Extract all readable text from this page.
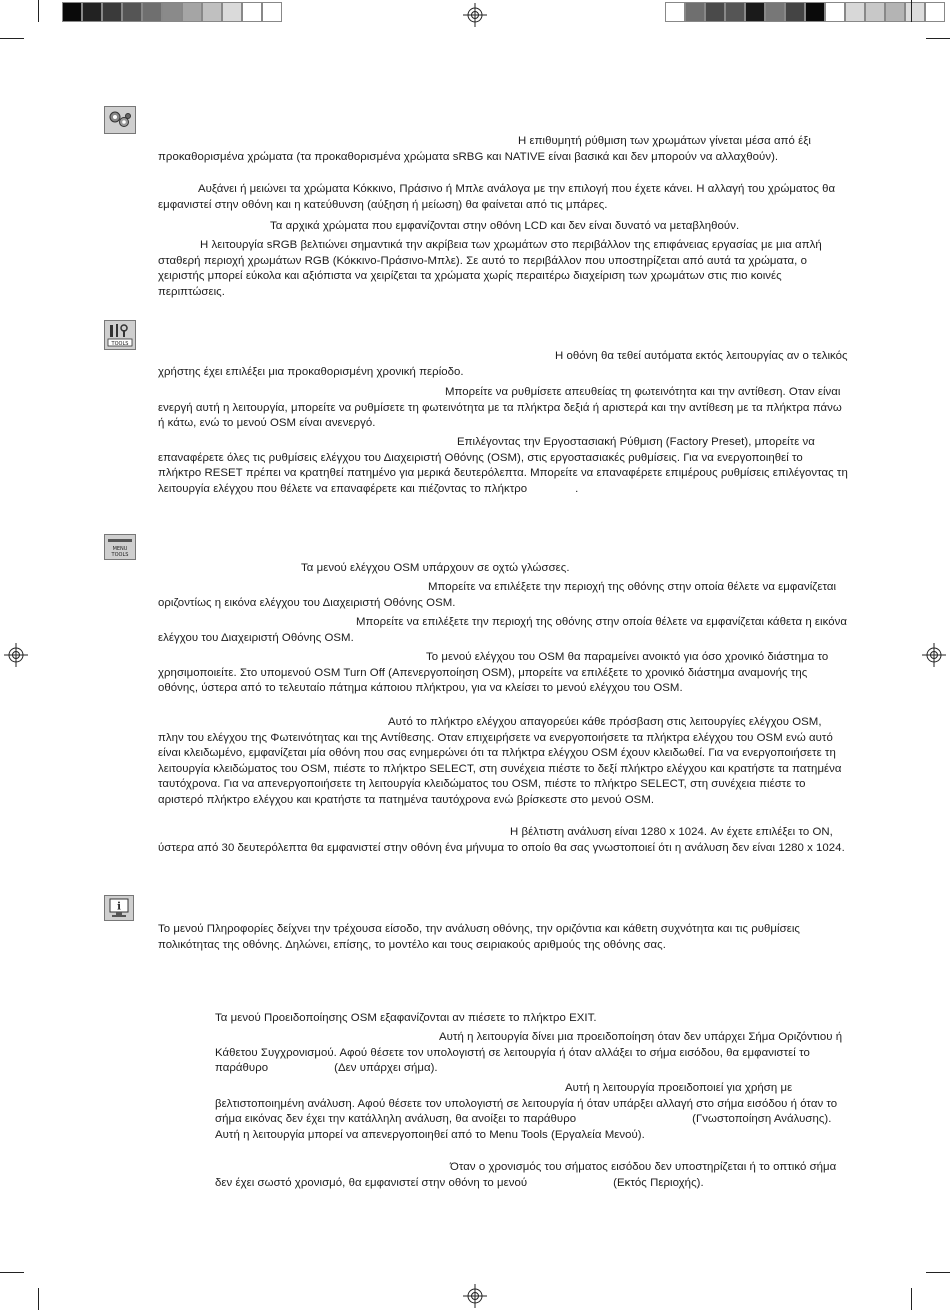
Η επιθυμητή ρύθμιση των χρωμάτων γίνεται μέσα από έξι προκαθορισμένα χρώματα (τα προκαθορισμένα χρώματα sRBG και NATIVE είναι βασικά και δεν μπορούν να αλλαχθούν).

Αυξάνει ή μειώνει τα χρώματα Κόκκινο, Πράσινο ή Μπλε ανάλογα με την επιλογή που έχετε κάνει. Η αλλαγή του χρώματος θα εμφανιστεί στην οθόνη και η κατεύθυνση (αύξηση ή μείωση) θα φαίνεται από τις μπάρες.

Τα αρχικά χρώματα που εμφανίζονται στην οθόνη LCD και δεν είναι δυνατό να μεταβληθούν.

Η λειτουργία sRGB βελτιώνει σημαντικά την ακρίβεια των χρωμάτων στο περιβάλλον της επιφάνειας εργασίας με μια απλή σταθερή περιοχή χρωμάτων RGB (Κόκκινο-Πράσινο-Μπλε). Σε αυτό το περιβάλλον που υποστηρίζεται από αυτά τα χρώματα, ο χειριστής μπορεί εύκολα και αξιόπιστα να χειρίζεται τα χρώματα χωρίς περαιτέρω διαχείριση των χρωμάτων στις πιο κοινές περιπτώσεις.

TOOLS

Η οθόνη θα τεθεί αυτόματα εκτός λειτουργίας αν ο τελικός χρήστης έχει επιλέξει μια προκαθορισμένη χρονική περίοδο.

Μπορείτε να ρυθμίσετε απευθείας τη φωτεινότητα και την αντίθεση. Οταν είναι ενεργή αυτή η λειτουργία, μπορείτε να ρυθμίσετε τη φωτεινότητα με τα πλήκτρα δεξιά ή αριστερά και την αντίθεση με τα πλήκτρα πάνω ή κάτω, ενώ το μενού OSM είναι ανενεργό.

Επιλέγοντας την Εργοστασιακή Ρύθμιση (Factory Preset), μπορείτε να επαναφέρετε όλες τις ρυθμίσεις ελέγχου του Διαχειριστή Οθόνης (OSM), στις εργοστασιακές ρυθμίσεις. Για να ενεργοποιηθεί το πλήκτρο RESET πρέπει να κρατηθεί πατημένο για μερικά δευτερόλεπτα. Μπορείτε να επαναφέρετε επιμέρους ρυθμίσεις επιλέγοντας τη λειτουργία ελέγχου που θέλετε να επαναφέρετε και πιέζοντας το πλήκτρο	.

MENU
TOOLS

Τα μενού ελέγχου OSM υπάρχουν σε οχτώ γλώσσες.

Μπορείτε να επιλέξετε την περιοχή της οθόνης στην οποία θέλετε να εμφανίζεται οριζοντίως η εικόνα ελέγχου του Διαχειριστή Οθόνης OSM.

Μπορείτε να επιλέξετε την περιοχή της οθόνης στην οποία θέλετε να εμφανίζεται κάθετα η εικόνα ελέγχου του Διαχειριστή Οθόνης OSM.

Το μενού ελέγχου του OSM θα παραμείνει ανοικτό για όσο χρονικό διάστημα το χρησιμοποιείτε. Στο υπομενού OSM Turn Off (Απενεργοποίηση OSM), μπορείτε να επιλέξετε το χρονικό διάστημα αναμονής της οθόνης, ύστερα από το τελευταίο πάτημα κάποιου πλήκτρου, για να κλείσει το μενού ελέγχου του OSM.

Αυτό το πλήκτρο ελέγχου απαγορεύει κάθε πρόσβαση στις λειτουργίες ελέγχου OSM, πλην του ελέγχου της Φωτεινότητας και της Αντίθεσης. Οταν επιχειρήσετε να ενεργοποιήσετε τα πλήκτρα ελέγχου του OSM ενώ αυτό είναι κλειδωμένο, εμφανίζεται μία οθόνη που σας ενημερώνει ότι τα πλήκτρα ελέγχου OSM έχουν κλειδωθεί. Για να ενεργοποιήσετε τη λειτουργία κλειδώματος του OSM, πιέστε το πλήκτρο SELECT, στη συνέχεια πιέστε το δεξί πλήκτρο ελέγχου και κρατήστε τα πατημένα ταυτόχρονα. Για να απενεργοποιήσετε τη λειτουργία κλειδώματος του OSM, πιέστε το πλήκτρο SELECT, στη συνέχεια πιέστε το αριστερό πλήκτρο ελέγχου και κρατήστε τα πατημένα ταυτόχρονα ενώ βρίσκεστε στο μενού OSM.

Η βέλτιστη ανάλυση είναι 1280 x 1024. Αν έχετε επιλέξει το ON, ύστερα από 30 δευτερόλεπτα θα εμφανιστεί στην οθόνη ένα μήνυμα το οποίο θα σας γνωστοποιεί ότι η ανάλυση δεν είναι 1280 x 1024.

i

Το μενού Πληροφορίες δείχνει την τρέχουσα είσοδο, την ανάλυση οθόνης, την οριζόντια και κάθετη συχνότητα και τις ρυθμίσεις πολικότητας της οθόνης. Δηλώνει, επίσης, το μοντέλο και τους σειριακούς αριθμούς της οθόνης σας.

Τα μενού Προειδοποίησης OSM εξαφανίζονται αν πιέσετε το πλήκτρο EXIT.

Αυτή η λειτουργία δίνει μια προειδοποίηση όταν δεν υπάρχει Σήμα Οριζόντιου ή Κάθετου Συγχρονισμού. Αφού θέσετε τον υπολογιστή σε λειτουργία ή όταν αλλάξει το σήμα εισόδου, θα εμφανιστεί το παράθυρο	(Δεν υπάρχει σήμα).

Αυτή η λειτουργία προειδοποιεί για χρήση με βελτιστοποιημένη ανάλυση. Αφού θέσετε τον υπολογιστή σε λειτουργία ή όταν υπάρξει αλλαγή στο σήμα εισόδου ή όταν το σήμα εικόνας δεν έχει την κατάλληλη ανάλυση, θα ανοίξει το παράθυρο	(Γνωστοποίηση Ανάλυσης). Αυτή η λειτουργία μπορεί να απενεργοποιηθεί από το Menu Tools (Εργαλεία Μενού).

Όταν ο χρονισμός του σήματος εισόδου δεν υποστηρίζεται ή το οπτικό σήμα δεν έχει σωστό χρονισμό, θα εμφανιστεί στην οθόνη το μενού	(Εκτός Περιοχής).
